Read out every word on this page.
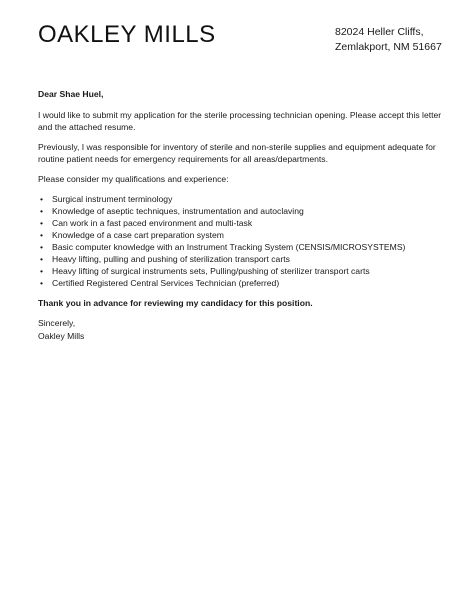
OAKLEY MILLS	82024 Heller Cliffs,
Zemlakport, NM 51667
Dear Shae Huel,
I would like to submit my application for the sterile processing technician opening. Please accept this letter and the attached resume.
Previously, I was responsible for inventory of sterile and non-sterile supplies and equipment adequate for routine patient needs for emergency requirements for all areas/departments.
Please consider my qualifications and experience:
• Surgical instrument terminology
• Knowledge of aseptic techniques, instrumentation and autoclaving
• Can work in a fast paced environment and multi-task
• Knowledge of a case cart preparation system
• Basic computer knowledge with an Instrument Tracking System (CENSIS/MICROSYSTEMS)
• Heavy lifting, pulling and pushing of sterilization transport carts
• Heavy lifting of surgical instruments sets, Pulling/pushing of sterilizer transport carts
• Certified Registered Central Services Technician (preferred)
Thank you in advance for reviewing my candidacy for this position.
Sincerely,
Oakley Mills
